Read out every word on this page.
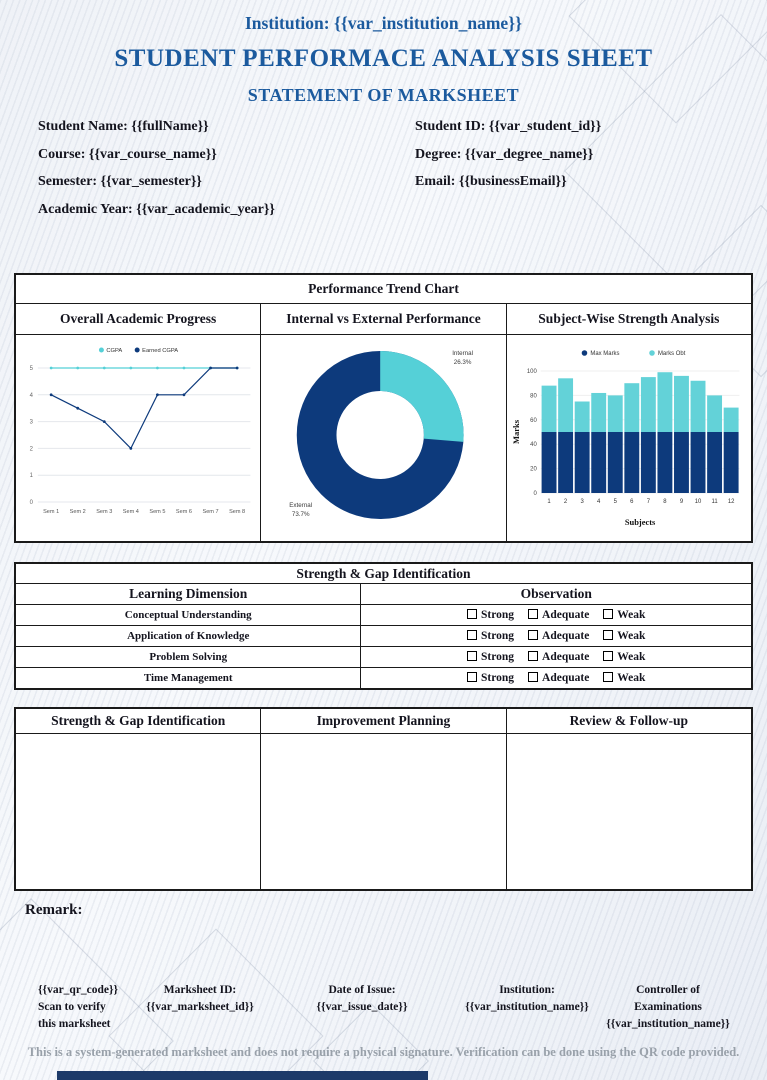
Institution: {{var_institution_name}}
STUDENT PERFORMACE ANALYSIS SHEET
STATEMENT OF MARKSHEET
Student Name: {{fullName}}
Course: {{var_course_name}}
Semester: {{var_semester}}
Academic Year: {{var_academic_year}}
Student ID: {{var_student_id}}
Degree: {{var_degree_name}}
Email: {{businessEmail}}
Performance Trend Chart
Overall Academic Progress	Internal vs External Performance	Subject-Wise Strength Analysis
0
1
2
3
4
5
Sem 1 Sem 2 Sem 3 Sem 4 Sem 5 Sem 6 Sem 7 Sem 8
CGPA	Earned CGPA	Internal
26.3%
External
73.7%
0
20
40
60
80
100
1 2 3 4 5 6 7 8 9 10 11 12
Subjects
Marks
Max Marks	Marks Obt
Strength & Gap Identification
Learning Dimension	Observation
Conceptual Understanding	Strong Adequate Weak
Application of Knowledge	Strong Adequate Weak
Problem Solving	Strong Adequate Weak
Time Management	Strong Adequate Weak
Strength & Gap Identification	Improvement Planning	Review & Follow-up
Remark:
{{var_qr_code}}
Scan to verify
this marksheet
Marksheet ID:
{{var_marksheet_id}}
Date of Issue:
{{var_issue_date}}
Institution:
{{var_institution_name}}
Controller of Examinations
{{var_institution_name}}
This is a system-generated marksheet and does not require a physical signature. Verification can be done using the QR code provided.
